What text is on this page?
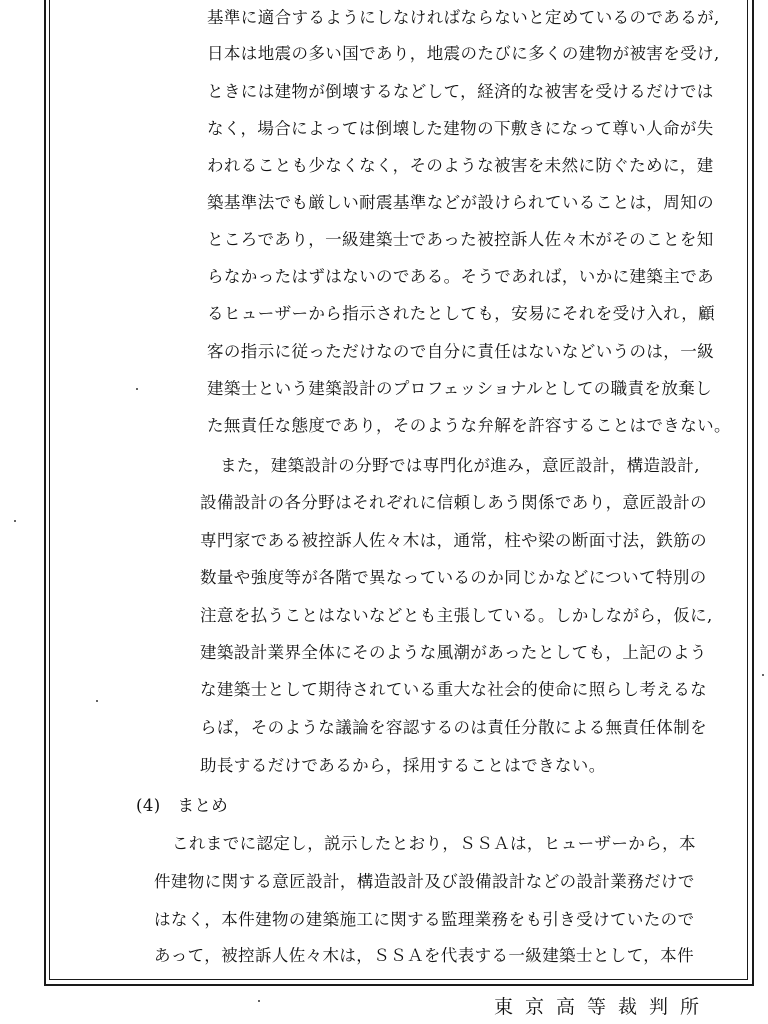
基準に適合するようにしなければならないと定めているのであるが,
日本は地震の多い国であり，地震のたびに多くの建物が被害を受け,
ときには建物が倒壊するなどして，経済的な被害を受けるだけでは
なく，場合によっては倒壊した建物の下敷きになって尊い人命が失
われることも少なくなく，そのような被害を未然に防ぐために，建
築基準法でも厳しい耐震基準などが設けられていることは，周知の
ところであり，一級建築士であった被控訴人佐々木がそのことを知
らなかったはずはないのである。そうであれば，いかに建築主であ
るヒューザーから指示されたとしても，安易にそれを受け入れ，顧
客の指示に従っただけなので自分に責任はないなどいうのは，一級
建築士という建築設計のプロフェッショナルとしての職責を放棄し
た無責任な態度であり，そのような弁解を許容することはできない。
また，建築設計の分野では専門化が進み，意匠設計，構造設計,
設備設計の各分野はそれぞれに信頼しあう関係であり，意匠設計の
専門家である被控訴人佐々木は，通常，柱や梁の断面寸法，鉄筋の
数量や強度等が各階で異なっているのか同じかなどについて特別の
注意を払うことはないなどとも主張している。しかしながら，仮に,
建築設計業界全体にそのような風潮があったとしても，上記のよう
な建築士として期待されている重大な社会的使命に照らし考えるな
らば，そのような議論を容認するのは責任分散による無責任体制を
助長するだけであるから，採用することはできない。
(4)　まとめ
これまでに認定し，説示したとおり，ＳＳＡは，ヒューザーから，本
件建物に関する意匠設計，構造設計及び設備設計などの設計業務だけで
はなく，本件建物の建築施工に関する監理業務をも引き受けていたので
あって，被控訴人佐々木は，ＳＳＡを代表する一級建築士として，本件
東京高等裁判所
